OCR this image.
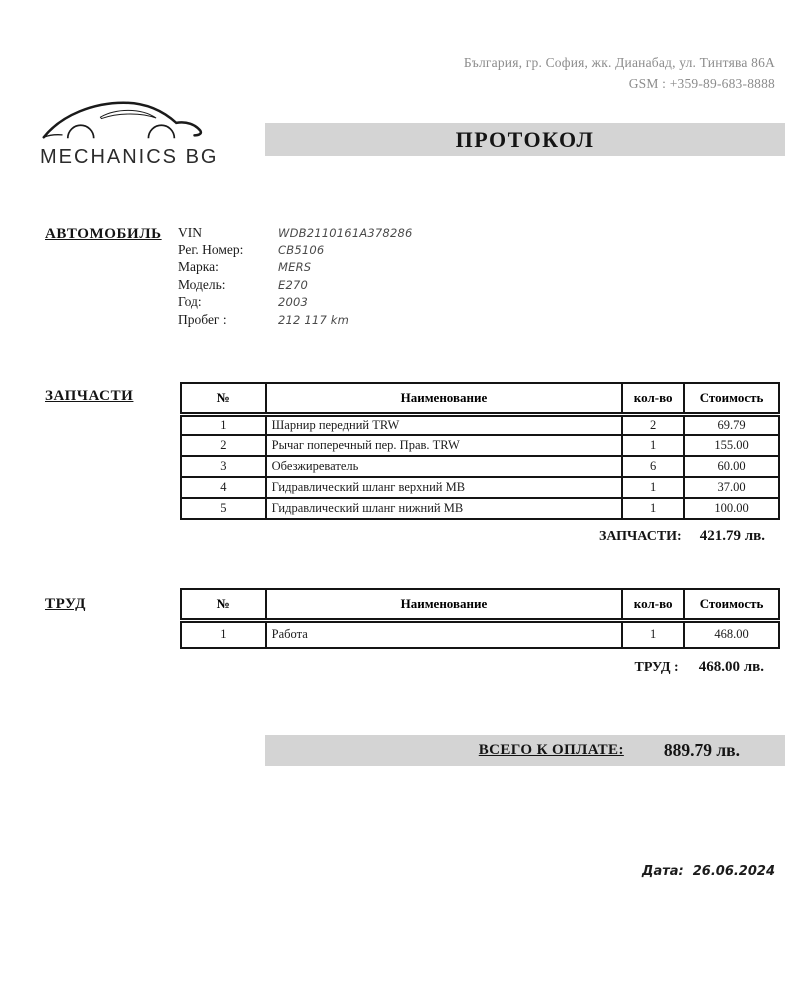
България, гр. София, жк. Дианабад, ул. Тинтява 86А
GSM : +359-89-683-8888
MECHANICS BG
ПРОТОКОЛ
АВТОМОБИЛЬ VIN	WDB2110161A378286
Рег. Номер:	CB5106
Марка:	MERS
Модель:	E270
Год:	2003
Пробег :	212 117 km
ЗАПЧАСТИ	№	Наименование	кол-во	Стоимость
1	Шарнир передний TRW	2	69.79
2	Рычаг поперечный пер. Прав. TRW	1	155.00
3	Обезжиреватель	6	60.00
4	Гидравлический шланг верхний МВ	1	37.00
5	Гидравлический шланг нижний МВ	1	100.00
ЗАПЧАСТИ: 421.79 лв.
ТРУД	№	Наименование	кол-во	Стоимость
1	Работа	1	468.00
ТРУД : 468.00 лв.
ВСЕГО К ОПЛАТЕ: 889.79 лв.
Дата: 26.06.2024
